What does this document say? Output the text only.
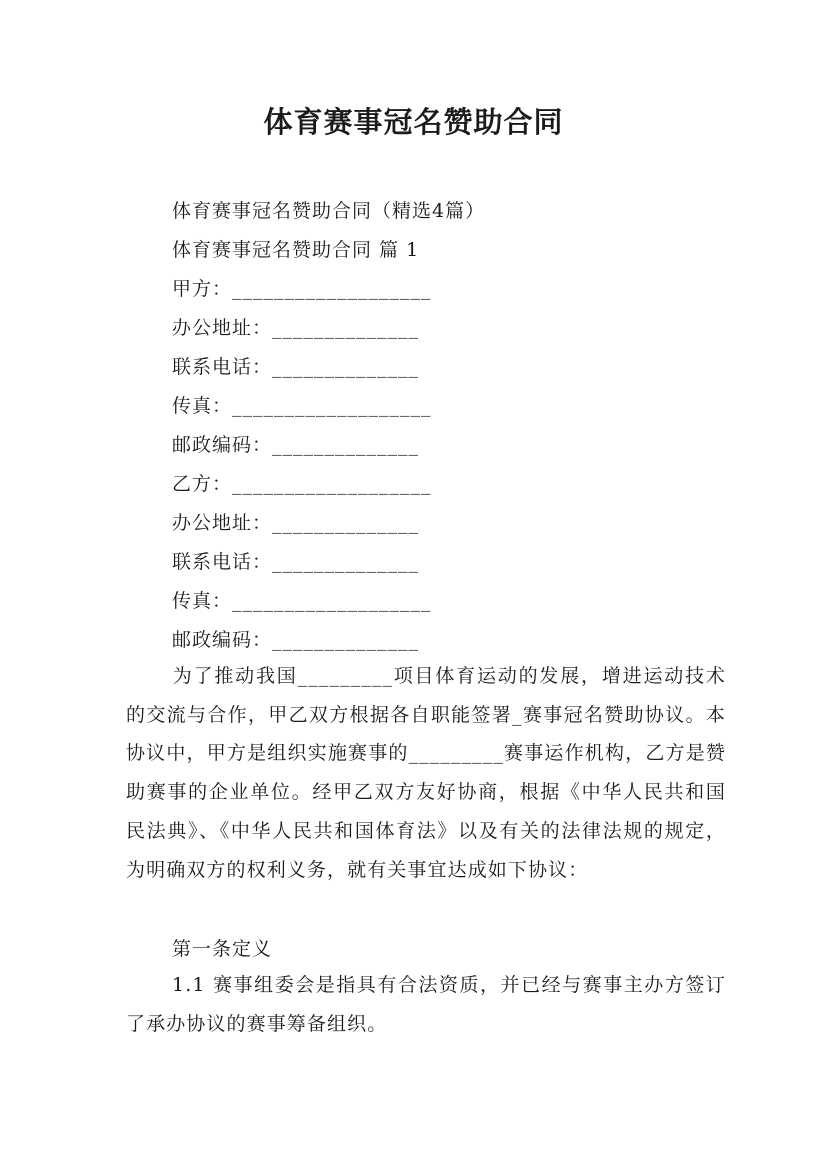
体育赛事冠名赞助合同

体育赛事冠名赞助合同（精选4篇）

体育赛事冠名赞助合同 篇 1

甲方：___________________

办公地址：______________

联系电话：______________

传真：___________________

邮政编码：______________

乙方：___________________

办公地址：______________

联系电话：______________

传真：___________________

邮政编码：______________

为了推动我国_________项目体育运动的发展，增进运动技术的交流与合作，甲乙双方根据各自职能签署_赛事冠名赞助协议。本协议中，甲方是组织实施赛事的_________赛事运作机构，乙方是赞助赛事的企业单位。经甲乙双方友好协商，根据《中华人民共和国民法典》、《中华人民共和国体育法》以及有关的法律法规的规定，为明确双方的权利义务，就有关事宜达成如下协议：

第一条定义

1.1 赛事组委会是指具有合法资质，并已经与赛事主办方签订了承办协议的赛事筹备组织。
